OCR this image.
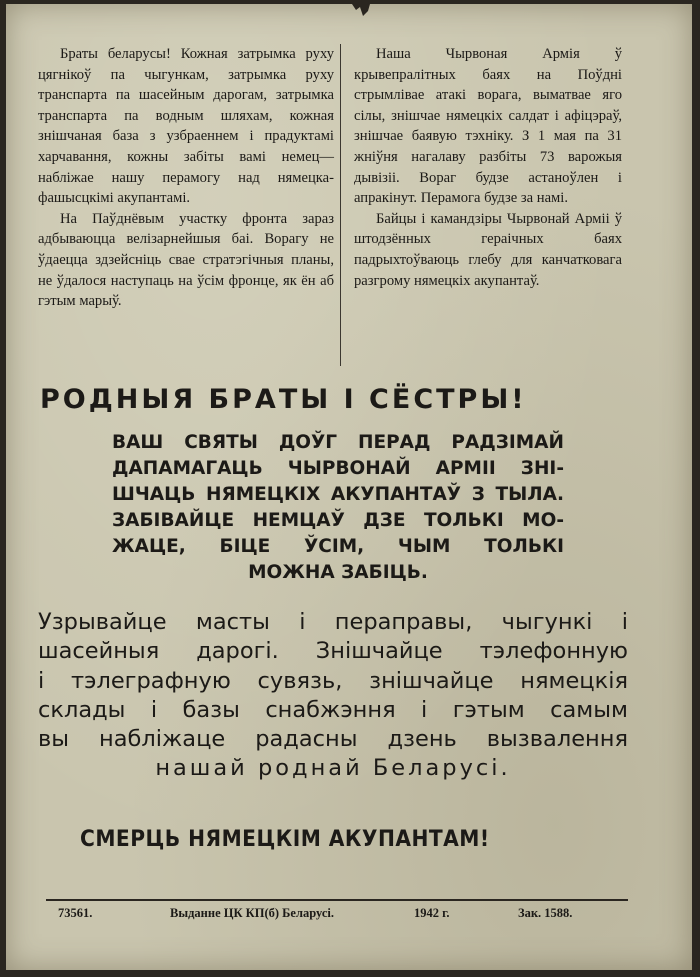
Браты беларусы! Кожная затрымка руху цягнікоў па чыгункам, затрымка руху транспарта па шасейным дарогам, затрымка транспарта па водным шляхам, кожная знішчаная база з узбраеннем і прадуктамі харчавання, кожны забіты вамі немец—набліжае нашу перамогу над нямецка-фашысцкімі акупантамі.

На Паўднёвым участку фронта зараз адбываюцца велізарнейшыя баі. Ворагу не ўдаецца здзейсніць свае стратэгічныя планы, не ўдалося наступаць на ўсім фронце, як ён аб гэтым марыў.

Наша Чырвоная Армія ў крывепралітных баях на Поўдні стрымлівае атакі ворага, выматвае яго сілы, знішчае нямецкіх салдат і афіцэраў, знішчае баявую тэхніку. З 1 мая па 31 жніўня нагалаву разбіты 73 варожыя дывізіі. Вораг будзе астаноўлен і апракінут. Перамога будзе за намі.

Байцы і камандзіры Чырвонай Арміі ў штодзённых гераічных баях падрыхтоўваюць глебу для канчатковага разгрому нямецкіх акупантаў.

РОДНЫЯ БРАТЫ І СЁСТРЫ!
ВАШ СВЯТЫ ДОЎГ ПЕРАД РАДЗІМАЙ
ДАПАМАГАЦЬ ЧЫРВОНАЙ АРМІІ ЗНІ-
ШЧАЦЬ НЯМЕЦКІХ АКУПАНТАЎ З ТЫЛА.
ЗАБІВАЙЦЕ НЕМЦАЎ ДЗЕ ТОЛЬКІ МО-
ЖАЦЕ, БІЦЕ ЎСІМ, ЧЫМ ТОЛЬКІ
МОЖНА ЗАБІЦЬ.
Узрывайце масты і пераправы, чыгункі і
шасейныя дарогі. Знішчайце тэлефонную
і тэлеграфную сувязь, знішчайце нямецкія
склады і базы снабжэння і гэтым самым
вы набліжаце радасны дзень вызвалення
нашай роднай Беларусі.
СМЕРЦЬ НЯМЕЦКІМ АКУПАНТАМ!
73561.	Выданне ЦК КП(б) Беларусі.	1942 г.	Зак. 1588.
